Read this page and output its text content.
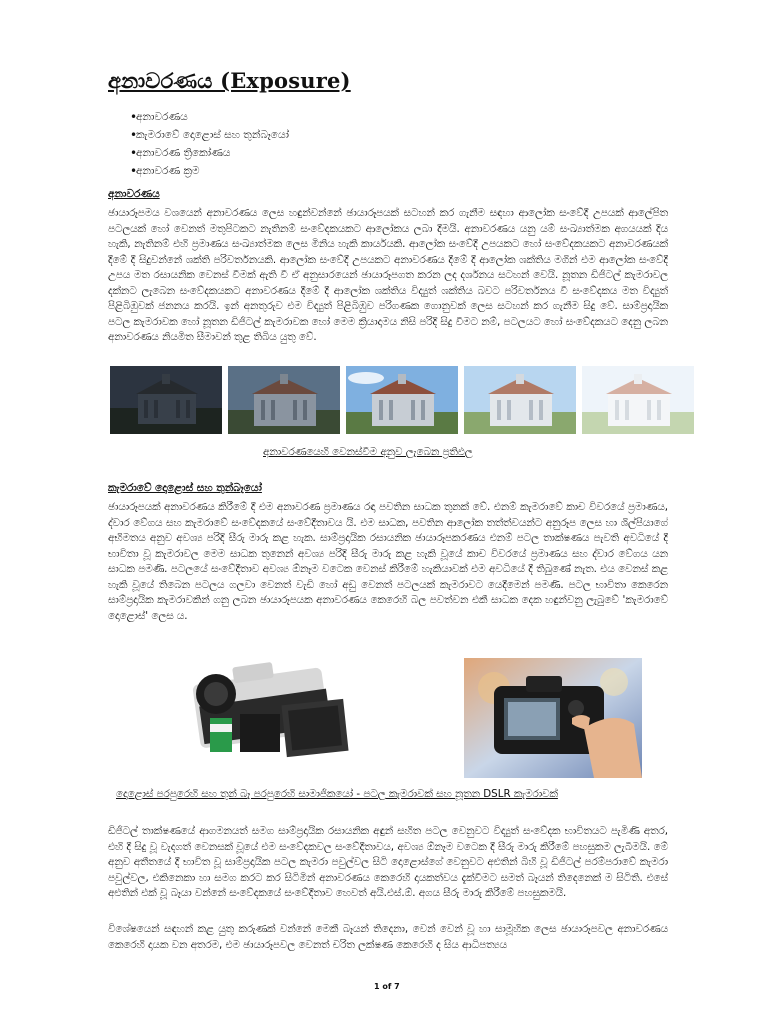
අනාවරණය (Exposure)
• අනාවරණය
• කැමරාවේ දොළොස් සහ තුන්බෑයෝ
• අනාවරණ ත්‍රිකෝණය
• අනාවරණ ක්‍රම

අනාවරණය

ඡායාරූපමය වශයෙන් අනාවරණය ලෙස හඳුන්වන්නේ ඡායාරූපයක් සටහන් කර ගැනීම සඳහා ආලෝක සංවේදී උපයක් ආලේපිත පටලයක් හෝ වෙනත් මතුපිටකට නැතිනම් සංවේදකයකට ආලෝකය ලබා දීමයි. අනාවරණය යනු යම් සංඛ්‍යාත්මක අගයයක් දිය හැකි, නැතිනම් එහි ප්‍රමාණය සංඛ්‍යාත්මක ලෙස මිනිය හැකි කාර්යයකි. ආලෝක සංවේදී උපයකට හෝ සංවේදකයකට අනාවරණයක් දීමේ දී සිදුවන්නේ ශක්ති පරිවර්තනයකි. ආලෝක සංවේදී උපයකට අනාවරණය දීමේ දී ආලෝක ශක්තිය මගින් එම ආලෝක සංවේදී උපය මත රසායනික වෙනස් වීමක් ඇති වී ඒ අනුසාරයෙන් ඡායාරූපගත කරන ලද දර්ශනය සටහන් වෙයි. නූතන ඩිජිටල් කැමරාවල දක්නට ලැබෙන සංවේදකයකට අනාවරණය දීමේ දී ආලෝක ශක්තිය විද්‍යුත් ශක්තිය බවට පරිවර්තනය වී සංවේදකය මත විද්‍යුත් පිළිබිඹුවක් ජනනය කරයි. ඉන් අනතුරුව එම විද්‍යුත් පිළිබිඹුව පරිගණක ගොනුවක් ලෙස සටහන් කර ගැනීම සිදු වේ. සාම්ප්‍රදායික පටල කැමරාවක හෝ නූතන ඩිජිටල් කැමරාවක හෝ මෙම ක්‍රියාදාමය නිසි පරිදි සිදු වීමට නම්, පටලයට හෝ සංවේදකයට දෙනු ලබන අනාවරණය නියමිත සීමාවන් තුළ තිබිය යුතු වේ.

අනාවරණයෙහි වෙනස්වීම අනුව ලැබෙන ප්‍රතිඵල

කැමරාවේ දොළොස් සහ තුන්බෑයෝ

ඡායාරූපයක් අනාවරණය කිරීමේ දී එම අනාවරණ ප්‍රමාණය රඳා පවතින සාධක තුනක් වේ. එනම් කැමරාවේ කාච විවරයේ ප්‍රමාණය, ද්වාර වේගය සහ කැමරාවේ සංවේදකයේ සංවේදීතාවය යි. එම සාධක, පවතින ආලෝක තත්ත්වයන්ට අනුරූප ලෙස හා ශිල්පියාගේ අභිමතය අනුව අවශ්‍ය පරිදි සීරු මාරු කළ හැක. සාම්ප්‍රදායික රසායනික ඡායාරූපකරණය එනම් පටල තාක්ෂණය පැවති අවධියේ දී භාවිතා වූ කැමරාවල මෙම සාධක තුනෙන් අවශ්‍ය පරිදි සීරු මාරු කළ හැකි වූයේ කාච විවරයේ ප්‍රමාණය සහ ද්වාර වේගය යන සාධක පමණි. පටලයේ සංවේදීතාව අවශ්‍ය ඕනෑම වටෙක වෙනස් කිරීමේ හැකියාවක් එම අවධියේ දී තිබුණේ නැත. එය වෙනස් කළ හැකි වූයේ තිබෙන පටලය ගලවා වෙනත් වැඩි හෝ අඩු වෙනත් පටලයක් කැමරාවට යෙදීමෙන් පමණි. පටල භාවිතා කෙරෙන සාම්ප්‍රදායික කැමරාවකින් ගනු ලබන ඡායාරූපයක අනාවරණය කෙරෙහි බල පවත්වන එකී සාධක දෙක හඳුන්වනු ලැබුවේ 'කැමරාවේ දොළොස්' ලෙස ය.

දොළොස් පරපුරෙහි සහ තුන් බෑ පරපුරෙහි සාමාජිකයෝ - පටල කැමරාවක් සහ නූතන DSLR කැමරාවක්

ඩිජිටල් තාක්ෂණයේ ආගමනයත් සමග සාම්ප්‍රදායික රසායනික අඳුන් සහිත පටල වෙනුවට විද්‍යුත් සංවේදක භාවිතයට පැමිණි අතර, එහි දී සිදු වූ වැදගත් වෙනසක් වූයේ එම සංවේදකවල සංවේදීතාවය, අවශ්‍ය ඕනෑම වටෙක දී සීරු මාරු කිරීමේ පහසුකම ලැබීමයි. මේ අනුව අතීතයේ දී භාවිත වූ සාම්ප්‍රදායික පටල කැමරා පවුල්වල සිටි දොළොස්ගේ වෙනුවට අළුතින් බිහි වූ ඩිජිටල් පරම්පරාවේ කැමරා පවුල්වල, එකිනෙකා හා සමග කරට කර සිටිමින් අනාවරණය කෙරෙහි දායකත්වය දැක්වීමට සමත් බෑයන් තිදෙනෙක් ම සිටිති. එසේ අළුතින් එක් වූ බෑයා වන්නේ සංවේදකයේ සංවේදීතාව හෙවත් අයි.එස්.ඕ. අගය සීරු මාරු කිරීමේ පහසුකමයි.

විශේෂයෙන් සඳහන් කළ යුතු කරුණක් වන්නේ මෙකී බෑයන් තිදෙනා, වෙන් වෙන් වූ හා සාමූහික ලෙස ඡායාරූපවල අනාවරණය කෙරෙහි දායක වන අතරම, එම ඡායාරූපවල වෙනත් චරිත ලක්ෂණ කෙරෙහි ද සිය ආධිපත්‍යය

1 of 7
